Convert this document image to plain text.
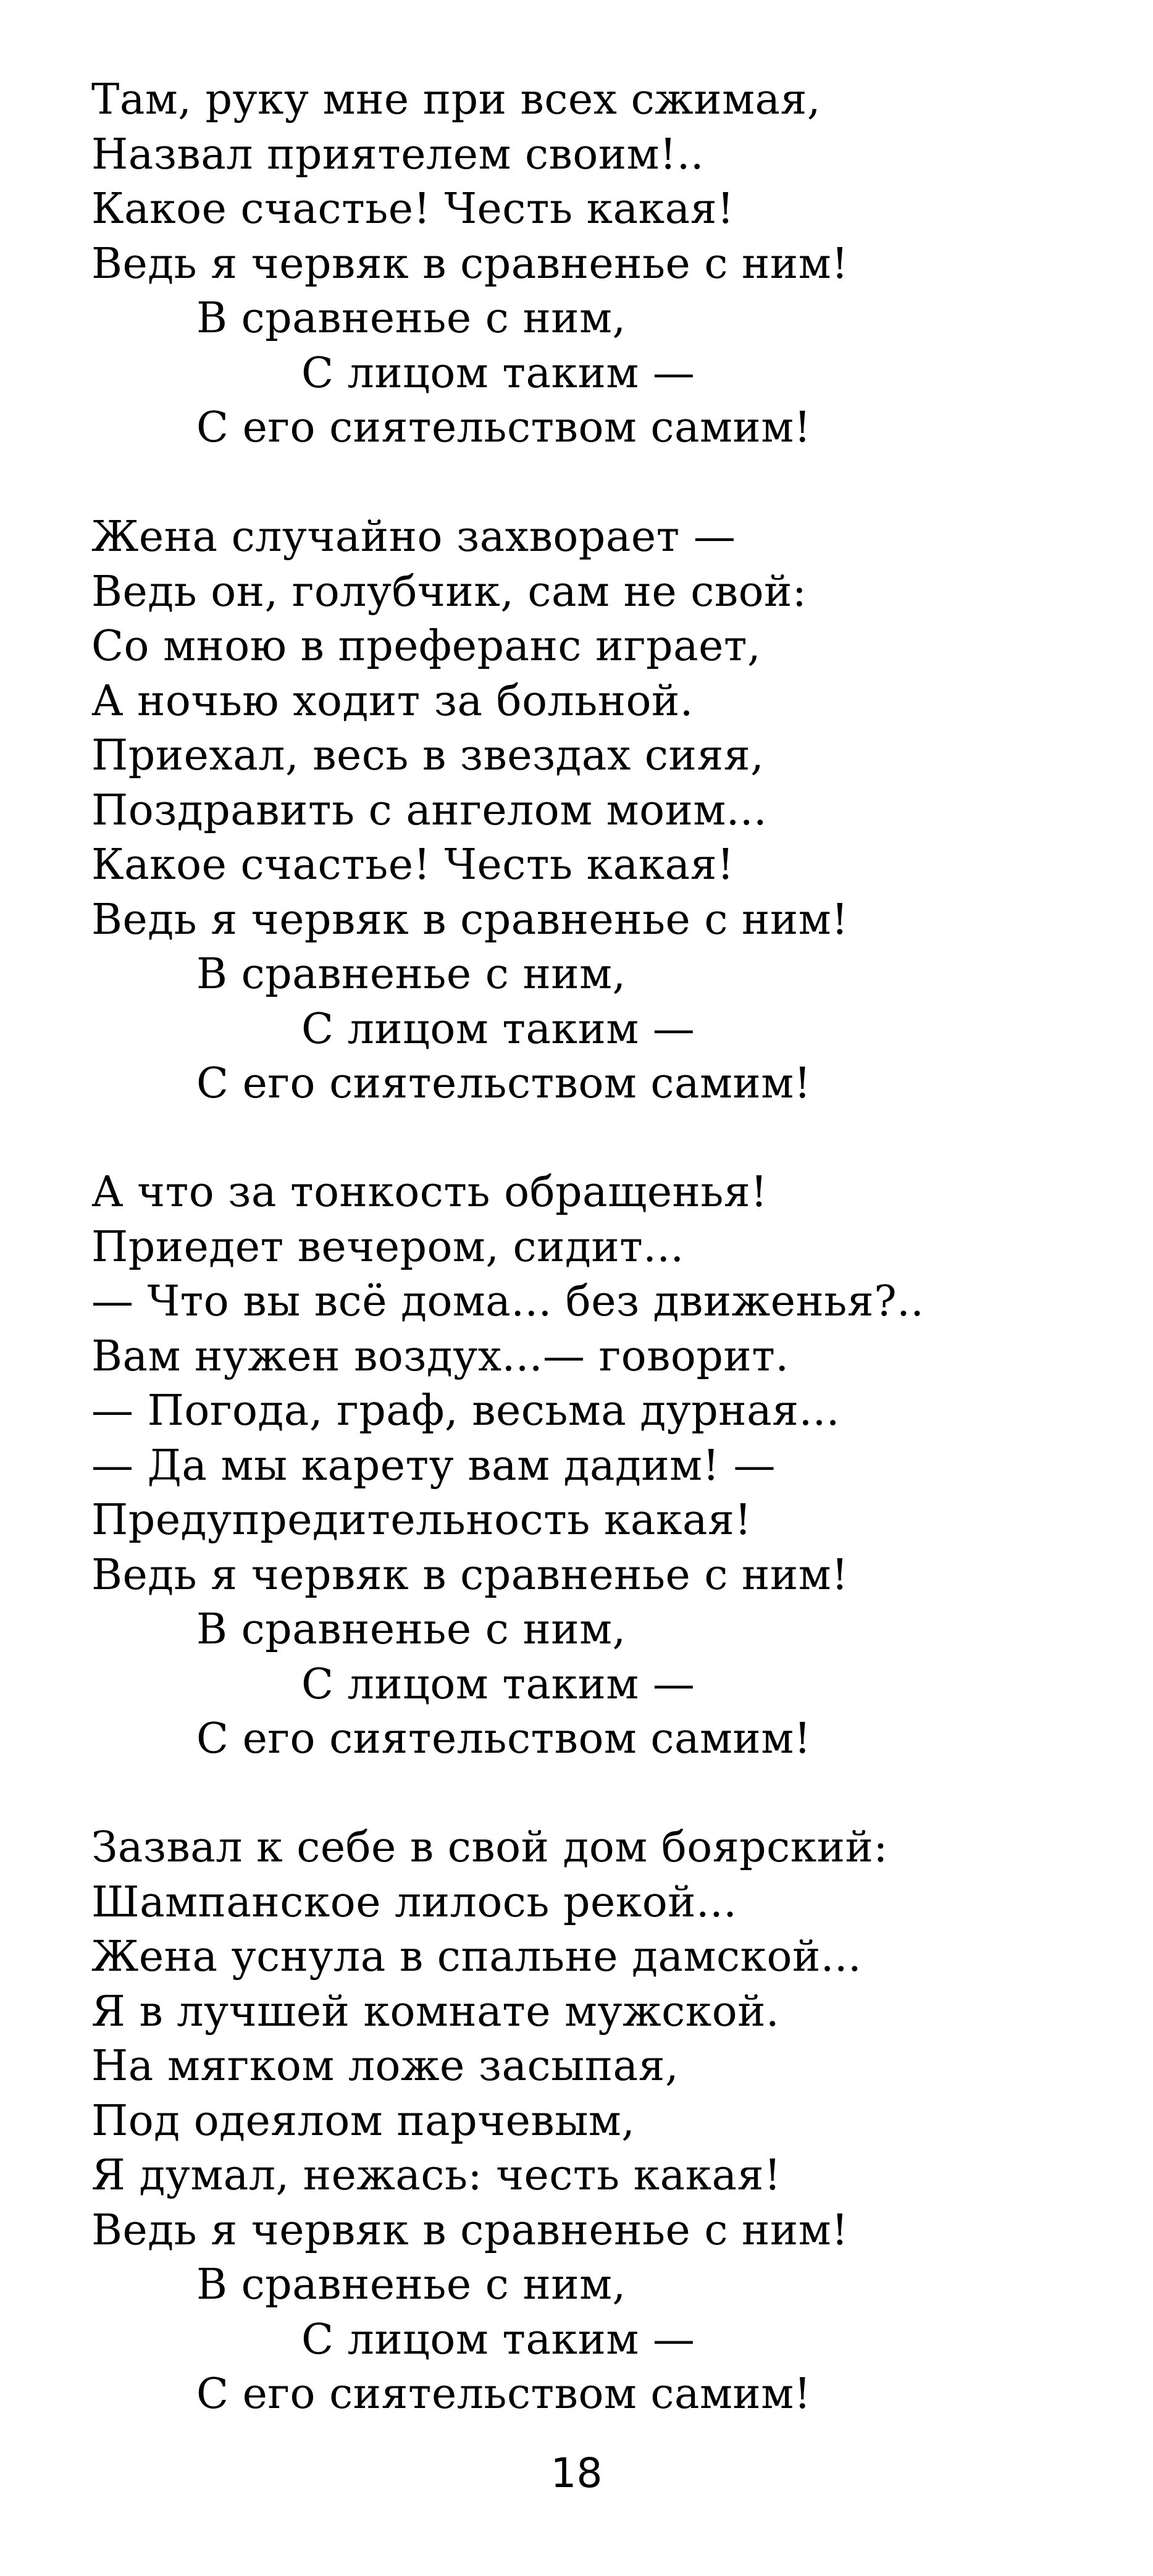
Там, руку мне при всех сжимая,
Назвал приятелем своим!..
Какое счастье! Честь какая!
Ведь я червяк в сравненье с ним!
В сравненье с ним,
С лицом таким —
С его сиятельством самим!
Жена случайно захворает —
Ведь он, голубчик, сам не свой:
Со мною в преферанс играет,
А ночью ходит за больной.
Приехал, весь в звездах сияя,
Поздравить с ангелом моим...
Какое счастье! Честь какая!
Ведь я червяк в сравненье с ним!
В сравненье с ним,
С лицом таким —
С его сиятельством самим!
А что за тонкость обращенья!
Приедет вечером, сидит...
— Что вы всё дома... без движенья?..
Вам нужен воздух...— говорит.
— Погода, граф, весьма дурная...
— Да мы карету вам дадим! —
Предупредительность какая!
Ведь я червяк в сравненье с ним!
В сравненье с ним,
С лицом таким —
С его сиятельством самим!
Зазвал к себе в свой дом боярский:
Шампанское лилось рекой...
Жена уснула в спальне дамской...
Я в лучшей комнате мужской.
На мягком ложе засыпая,
Под одеялом парчевым,
Я думал, нежась: честь какая!
Ведь я червяк в сравненье с ним!
В сравненье с ним,
С лицом таким —
С его сиятельством самим!
18
